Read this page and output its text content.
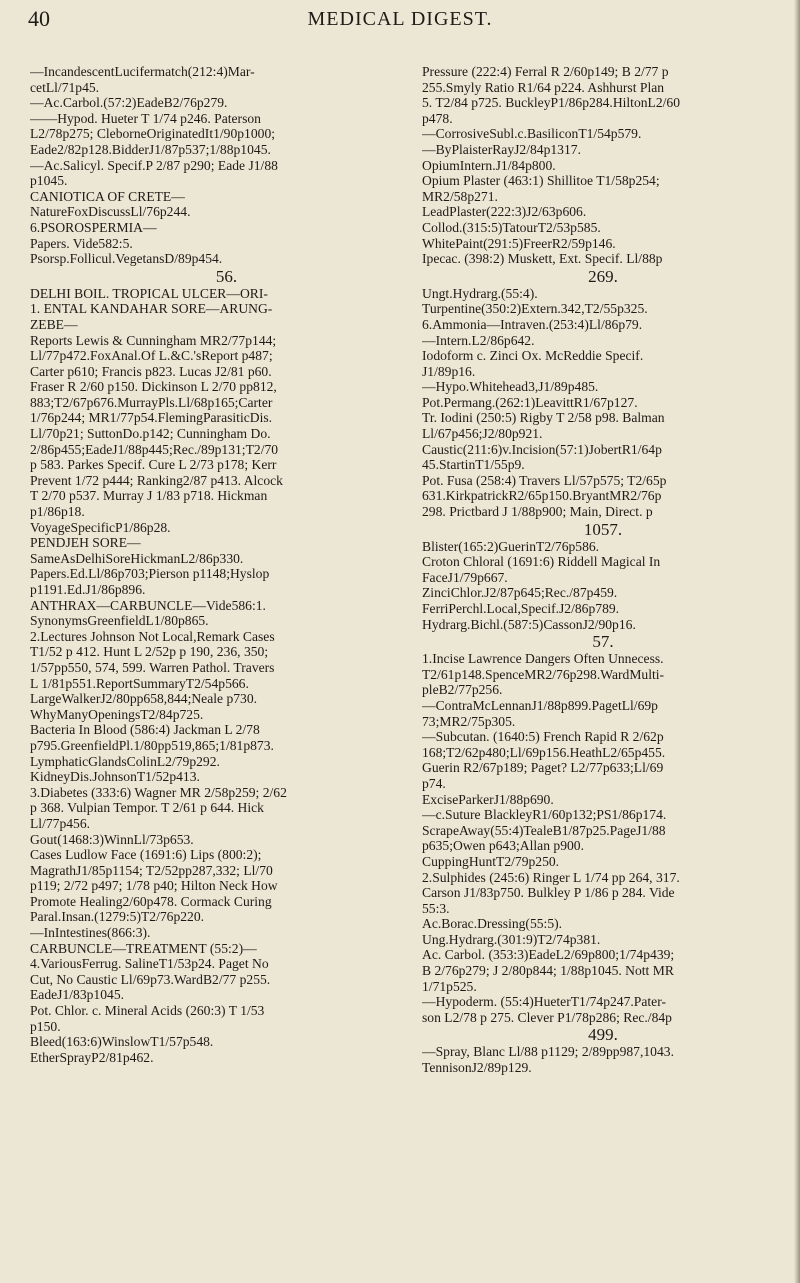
40	MEDICAL DIGEST.
—IncandescentLucifermatch(212:4)Mar-
cetLl/71p45.
—Ac.Carbol.(57:2)EadeB2/76p279.
——Hypod. Hueter T 1/74 p246. Paterson
L2/78p275; CleborneOriginatedIt1/90p1000;
Eade2/82p128.BidderJ1/87p537;1/88p1045.
—Ac.Salicyl. Specif.P 2/87 p290; Eade J1/88
p1045.
CANIOTICA OF CRETE—
NatureFoxDiscussLl/76p244.
6.PSOROSPERMIA—
Papers. Vide582:5.
Psorsp.Follicul.VegetansD/89p454.
56.
DELHI BOIL. TROPICAL ULCER—ORI-
1. ENTAL KANDAHAR SORE—ARUNG-
ZEBE—
Reports Lewis & Cunningham MR2/77p144;
Ll/77p472.FoxAnal.Of L.&C.'sReport p487;
Carter p610; Francis p823. Lucas J2/81 p60.
Fraser R 2/60 p150. Dickinson L 2/70 pp812,
883;T2/67p676.MurrayPls.Ll/68p165;Carter
1/76p244; MR1/77p54.FlemingParasiticDis.
Ll/70p21; SuttonDo.p142; Cunningham Do.
2/86p455;EadeJ1/88p445;Rec./89p131;T2/70
p 583. Parkes Specif. Cure L 2/73 p178; Kerr
Prevent 1/72 p444; Ranking2/87 p413. Alcock
T 2/70 p537. Murray J 1/83 p718. Hickman
p1/86p18.
VoyageSpecificP1/86p28.
PENDJEH SORE—
SameAsDelhiSoreHickmanL2/86p330.
Papers.Ed.Ll/86p703;Pierson p1148;Hyslop
p1191.Ed.J1/86p896.
ANTHRAX—CARBUNCLE—Vide586:1.
SynonymsGreenfieldL1/80p865.
2.Lectures Johnson Not Local,Remark Cases
T1/52 p 412. Hunt L 2/52p p 190, 236, 350;
1/57pp550, 574, 599. Warren Pathol. Travers
L 1/81p551.ReportSummaryT2/54p566.
LargeWalkerJ2/80pp658,844;Neale p730.
WhyManyOpeningsT2/84p725.
Bacteria In Blood (586:4) Jackman L 2/78
p795.GreenfieldPl.1/80pp519,865;1/81p873.
LymphaticGlandsColinL2/79p292.
KidneyDis.JohnsonT1/52p413.
3.Diabetes (333:6) Wagner MR 2/58p259; 2/62
p 368. Vulpian Tempor. T 2/61 p 644. Hick
Ll/77p456.
Gout(1468:3)WinnLl/73p653.
Cases Ludlow Face (1691:6) Lips (800:2);
MagrathJ1/85p1154; T2/52pp287,332; Ll/70
p119; 2/72 p497; 1/78 p40; Hilton Neck How
Promote Healing2/60p478. Cormack Curing
Paral.Insan.(1279:5)T2/76p220.
—InIntestines(866:3).
CARBUNCLE—TREATMENT (55:2)—
4.VariousFerrug. SalineT1/53p24. Paget No
Cut, No Caustic Ll/69p73.WardB2/77 p255.
EadeJ1/83p1045.
Pot. Chlor. c. Mineral Acids (260:3) T 1/53
p150.
Bleed(163:6)WinslowT1/57p548.
EtherSprayP2/81p462.
Pressure (222:4) Ferral R 2/60p149; B 2/77 p
255.Smyly Ratio R1/64 p224. Ashhurst Plan
5. T2/84 p725. BuckleyP1/86p284.HiltonL2/60
p478.
—CorrosiveSubl.c.BasiliconT1/54p579.
—ByPlaisterRayJ2/84p1317.
OpiumIntern.J1/84p800.
Opium Plaster (463:1) Shillitoe T1/58p254;
MR2/58p271.
LeadPlaster(222:3)J2/63p606.
Collod.(315:5)TatourT2/53p585.
WhitePaint(291:5)FreerR2/59p146.
Ipecac. (398:2) Muskett, Ext. Specif. Ll/88p
269.
Ungt.Hydrarg.(55:4).
Turpentine(350:2)Extern.342,T2/55p325.
6.Ammonia—Intraven.(253:4)Ll/86p79.
—Intern.L2/86p642.
Iodoform c. Zinci Ox. McReddie Specif.
J1/89p16.
—Hypo.Whitehead3,J1/89p485.
Pot.Permang.(262:1)LeavittR1/67p127.
Tr. Iodini (250:5) Rigby T 2/58 p98. Balman
Ll/67p456;J2/80p921.
Caustic(211:6)v.Incision(57:1)JobertR1/64p
45.StartinT1/55p9.
Pot. Fusa (258:4) Travers Ll/57p575; T2/65p
631.KirkpatrickR2/65p150.BryantMR2/76p
298. Prictbard J 1/88p900; Main, Direct. p
1057.
Blister(165:2)GuerinT2/76p586.
Croton Chloral (1691:6) Riddell Magical In
FaceJ1/79p667.
ZinciChlor.J2/87p645;Rec./87p459.
FerriPerchl.Local,Specif.J2/86p789.
Hydrarg.Bichl.(587:5)CassonJ2/90p16.
57.
1.Incise Lawrence Dangers Often Unnecess.
T2/61p148.SpenceMR2/76p298.WardMulti-
pleB2/77p256.
—ContraMcLennanJ1/88p899.PagetLl/69p
73;MR2/75p305.
—Subcutan. (1640:5) French Rapid R 2/62p
168;T2/62p480;Ll/69p156.HeathL2/65p455.
Guerin R2/67p189; Paget? L2/77p633;Ll/69
p74.
ExciseParkerJ1/88p690.
—c.Suture BlackleyR1/60p132;PS1/86p174.
ScrapeAway(55:4)TealeB1/87p25.PageJ1/88
p635;Owen p643;Allan p900.
CuppingHuntT2/79p250.
2.Sulphides (245:6) Ringer L 1/74 pp 264, 317.
Carson J1/83p750. Bulkley P 1/86 p 284. Vide
55:3.
Ac.Borac.Dressing(55:5).
Ung.Hydrarg.(301:9)T2/74p381.
Ac. Carbol. (353:3)EadeL2/69p800;1/74p439;
B 2/76p279; J 2/80p844; 1/88p1045. Nott MR
1/71p525.
—Hypoderm. (55:4)HueterT1/74p247.Pater-
son L2/78 p 275. Clever P1/78p286; Rec./84p
499.
—Spray, Blanc Ll/88 p1129; 2/89pp987,1043.
TennisonJ2/89p129.
